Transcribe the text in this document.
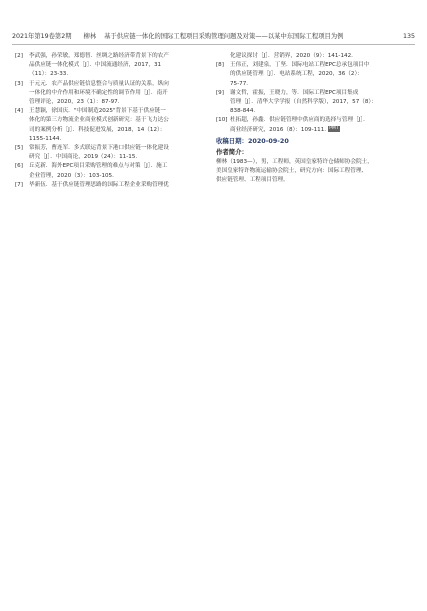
2021年第19卷第2期 柳林 基于供应链一体化的国际工程项目采购管理问题及对策——以某中东国际工程项目为例	135
[2]	李武强，孙荣敏，郑德智．丝绸之路经济带背景下的农产
品供应链一体化模式［J］．中国流通经济，2017，31
（11）：23-33.
[3]	于元元．农产品供应链信息整合与质量认证的关系，纵向
一体化的中介作用和环境不确定性的调节作用［J］．南开
管理评论，2020，23（1）：87-97.
[4]	王慧颖，徐国庆．"中国制造2025"背景下基于供应链一
体化的第三方物流企业商业模式创新研究：基于飞力达公
司的案例分析［J］．科技促进发展，2018，14（12）：
1155-1144.
[5]	常振芳，曹连军．多式联运背景下港口供应链一体化建设
研究［J］．中国商论，2019（24）：11-15.
[6]	丘克新．海外EPC项目采购管理的难点与对策［J］．施工
企业管理，2020（3）：103-105.
[7]	毕新伍．基于供应链管理思路的国际工程企业采购管理优
化建议探讨［J］．营销界，2020（9）：141-142.
[8]	王伟正，刘建泉，丁坚．国际电站工程EPC总承包项目中
的供应链管理［J］．电站系统工程，2020，36（2）：
75-77.
[9]	谢文哲，霍振，王晓力，等．国际工程EPC项目集成
管理［J］．清华大学学报（自然科学版），2017，57（8）：
838-844.
[10] 杜拓超，孙鑫．供应链管理中供应商的选择与管理［J］．
商业经济研究，2016（8）：109-111. PMT
收稿日期：2020-09-20
作者简介：
柳林（1983—），男，工程师，英国皇家特许仓储师协会院士，
美国皇家特许物流运输协会院士，研究方向：国际工程管理、
供应链管理、工程项目管理。
